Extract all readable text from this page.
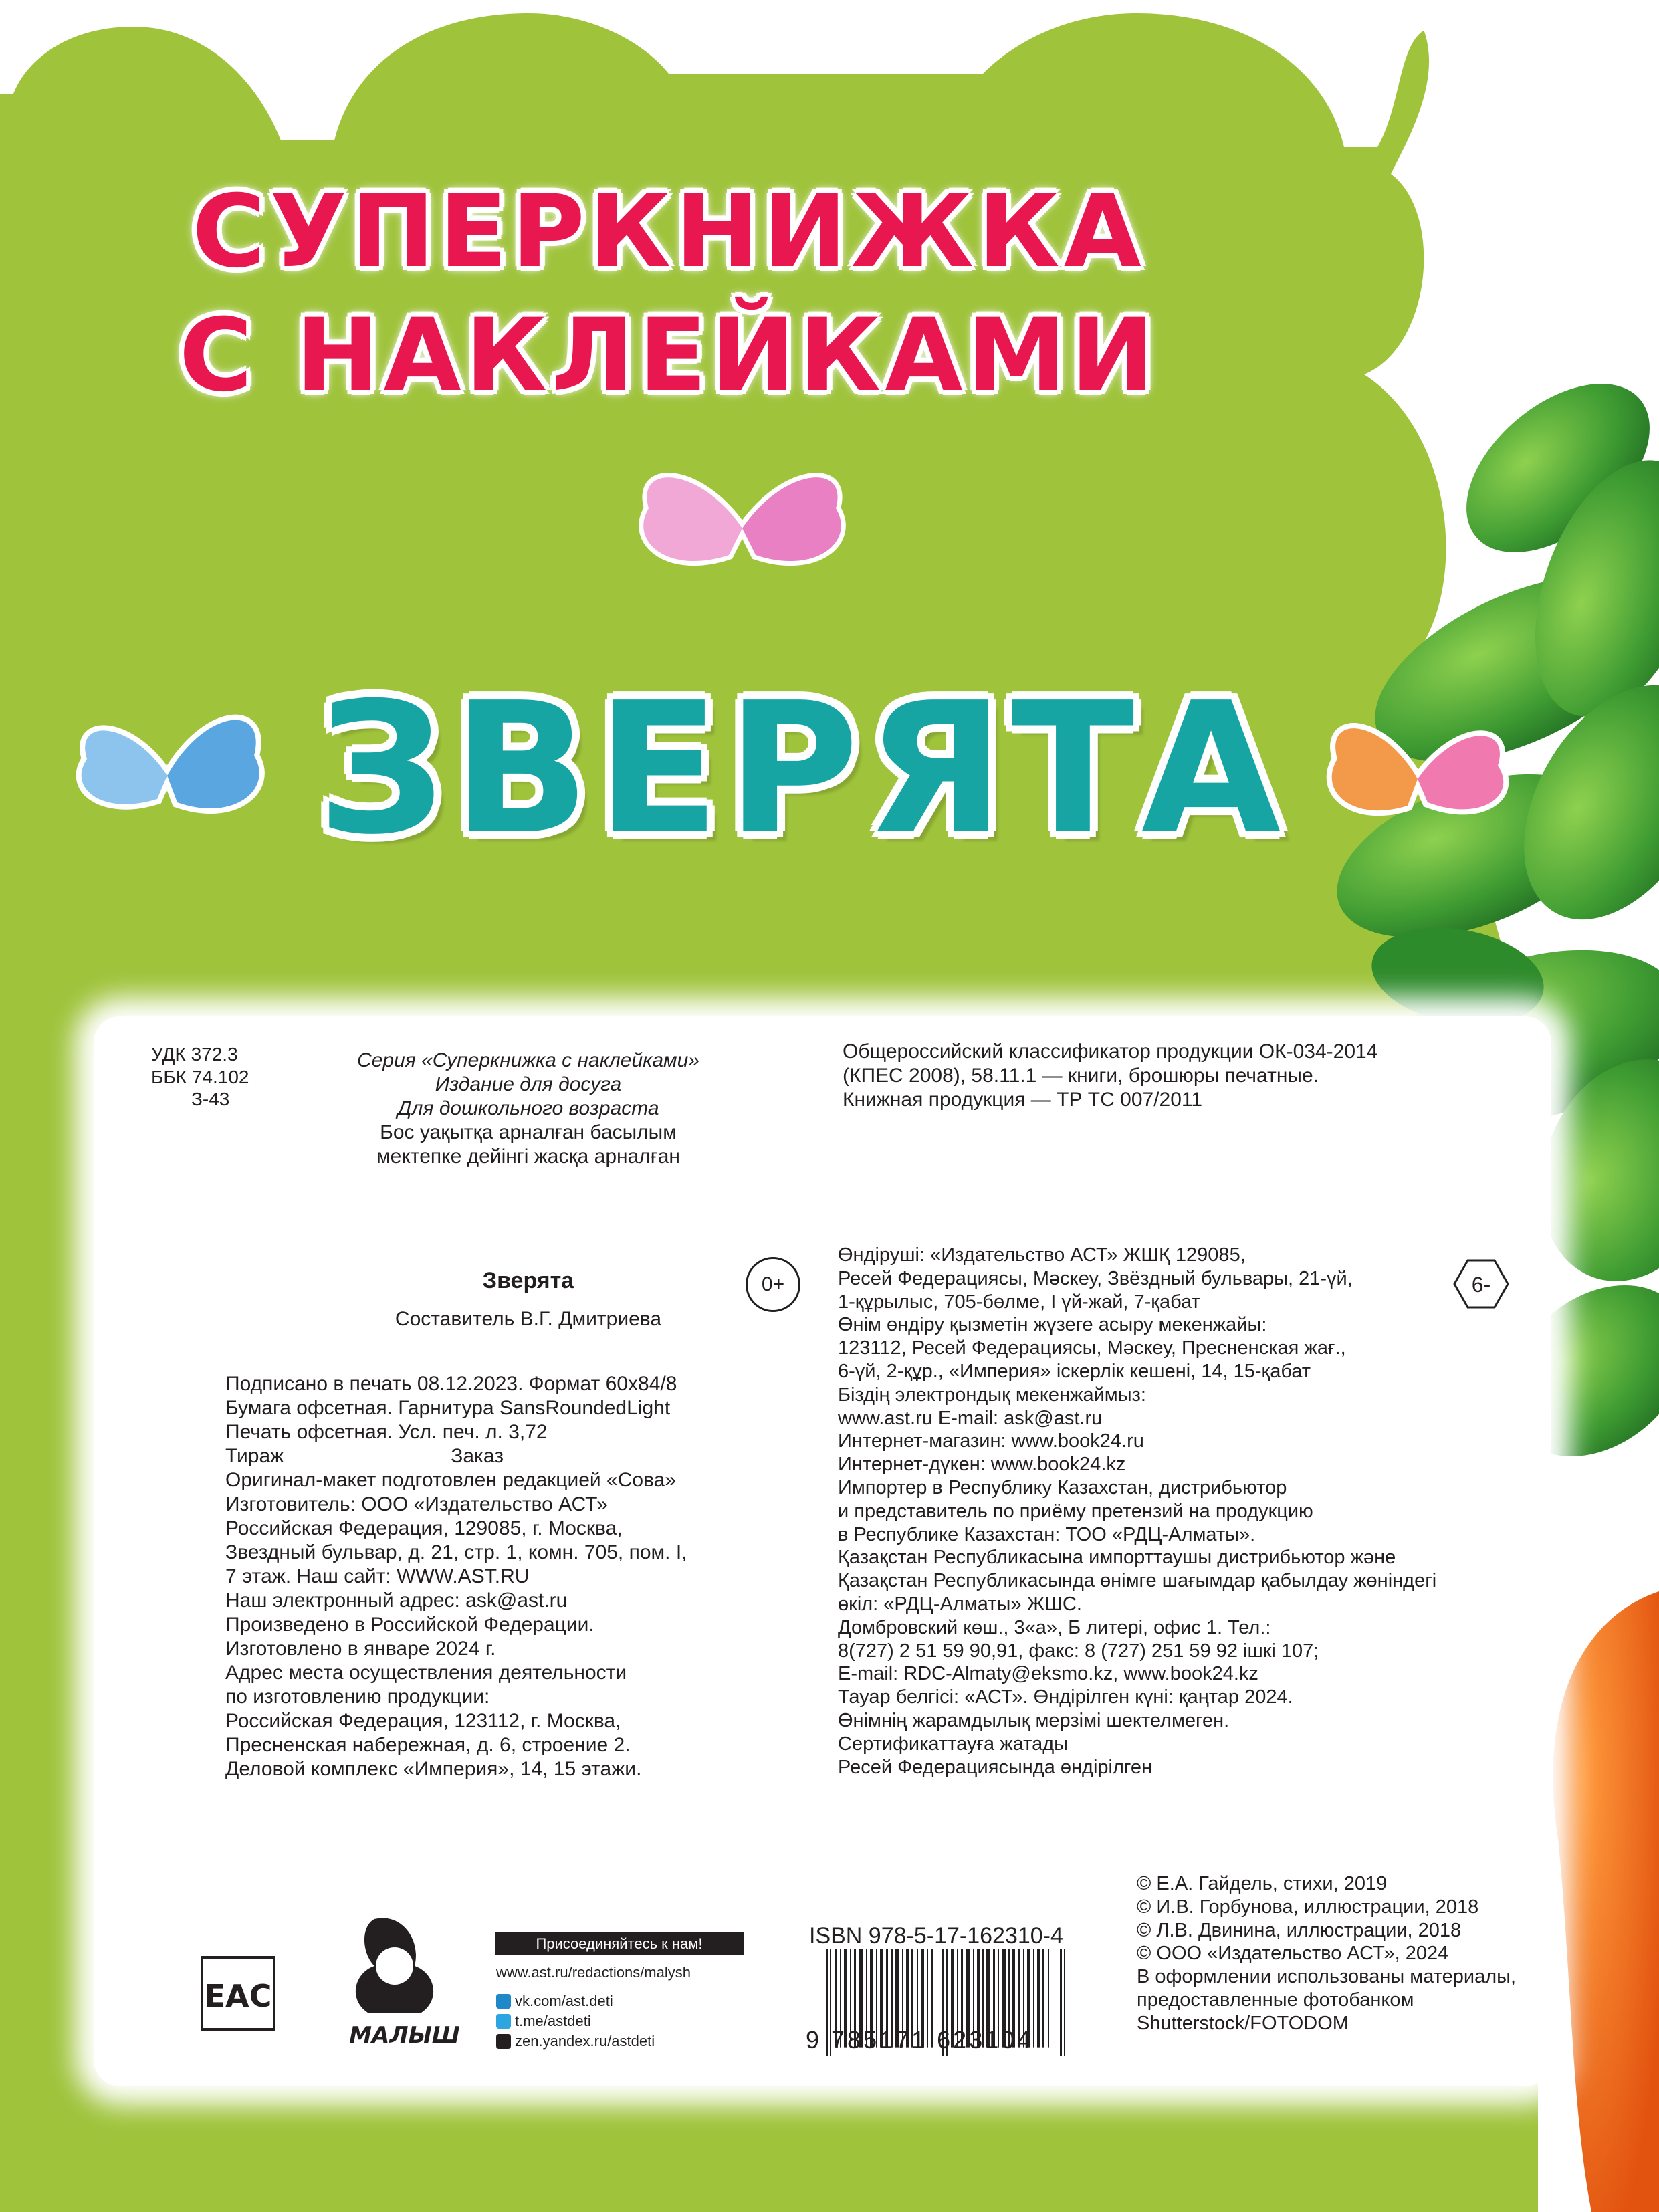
СУПЕРКНИЖКА
С НАКЛЕЙКАМИ
ЗВЕРЯТА
УДК 372.3
ББК 74.102
З-43
Серия «Суперкнижка с наклейками»
Издание для досуга
Для дошкольного возраста
Бос уақытқа арналған басылым
мектепке дейінгі жасқа арналған
Зверята
Составитель В.Г. Дмитриева
0+
Подписано в печать 08.12.2023. Формат 60х84/8
Бумага офсетная. Гарнитура SansRoundedLight
Печать офсетная. Усл. печ. л. 3,72
Тираж                              Заказ
Оригинал-макет подготовлен редакцией «Сова»
Изготовитель: ООО «Издательство АСТ»
Российская Федерация, 129085, г. Москва,
Звездный бульвар, д. 21, стр. 1, комн. 705, пом. I,
7 этаж. Наш сайт: WWW.AST.RU
Наш электронный адрес: ask@ast.ru
Произведено в Российской Федерации.
Изготовлено в январе 2024 г.
Адрес места осуществления деятельности
по изготовлению продукции:
Российская Федерация, 123112, г. Москва,
Пресненская набережная, д. 6, строение 2.
Деловой комплекс «Империя», 14, 15 этажи.
Общероссийский классификатор продукции ОК-034-2014
(КПЕС 2008), 58.11.1 — книги, брошюры печатные.
Книжная продукция — ТР ТС 007/2011
6-
Өндіруші: «Издательство АСТ» ЖШҚ 129085,
Ресей Федерациясы, Мәскеу, Звёздный бульвары, 21-үй,
1-құрылыс, 705-бөлме, I үй-жай, 7-қабат
Өнім өндіру қызметін жүзеге асыру мекенжайы:
123112, Ресей Федерациясы, Мәскеу, Пресненская жағ.,
6-үй, 2-құр., «Империя» іскерлік кешені, 14, 15-қабат
Біздің электрондық мекенжаймыз:
www.ast.ru E-mail: ask@ast.ru
Интернет-магазин: www.book24.ru
Интернет-дүкен: www.book24.kz
Импортер в Республику Казахстан, дистрибьютор
и представитель по приёму претензий на продукцию
в Республике Казахстан: ТОО «РДЦ-Алматы».
Қазақстан Республикасына импорттаушы дистрибьютор және
Қазақстан Республикасында өнімге шағымдар қабылдау жөніндегі
өкіл: «РДЦ-Алматы» ЖШС.
Домбровский көш., 3«а», Б литері, офис 1. Тел.:
8(727) 2 51 59 90,91, факс: 8 (727) 251 59 92 ішкі 107;
E-mail: RDC-Almaty@eksmo.kz, www.book24.kz
Тауар белгісі: «АСТ». Өндірілген күні: қаңтар 2024.
Өнімнің жарамдылық мерзімі шектелмеген.
Сертификаттауға жатады
Ресей Федерациясында өндірілген
© Е.А. Гайдель, стихи, 2019
© И.В. Горбунова, иллюстрации, 2018
© Л.В. Двинина, иллюстрации, 2018
© ООО «Издательство АСТ», 2024
В оформлении использованы материалы,
предоставленные фотобанком
Shutterstock/FOTODOM
EAC
МАЛЫШ
Присоединяйтесь к нам!
www.ast.ru/redactions/malysh
vk.com/ast.deti
t.me/astdeti
zen.yandex.ru/astdeti
ISBN 978-5-17-162310-4
9 785171 623104
